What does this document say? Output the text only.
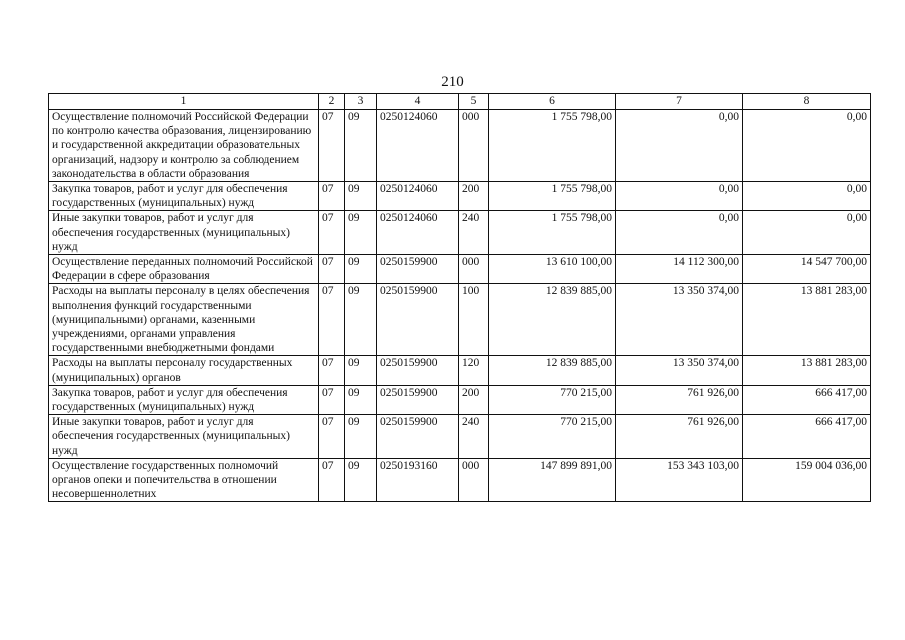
210
1	2	3	4	5	6	7	8
Осуществление полномочий Российской Федерации по контролю качества образования, лицензированию и государственной аккредитации образовательных организаций, надзору и контролю за соблюдением законодательства в области образования	07	09	0250124060	000	1 755 798,00	0,00	0,00
Закупка товаров, работ и услуг для обеспечения государственных (муниципальных) нужд	07	09	0250124060	200	1 755 798,00	0,00	0,00
Иные закупки товаров, работ и услуг для обеспечения государственных (муниципальных) нужд	07	09	0250124060	240	1 755 798,00	0,00	0,00
Осуществление переданных полномочий Российской Федерации в сфере образования	07	09	0250159900	000	13 610 100,00	14 112 300,00	14 547 700,00
Расходы на выплаты персоналу в целях обеспечения выполнения функций государственными (муниципальными) органами, казенными учреждениями, органами управления государственными внебюджетными фондами	07	09	0250159900	100	12 839 885,00	13 350 374,00	13 881 283,00
Расходы на выплаты персоналу государственных (муниципальных) органов	07	09	0250159900	120	12 839 885,00	13 350 374,00	13 881 283,00
Закупка товаров, работ и услуг для обеспечения государственных (муниципальных) нужд	07	09	0250159900	200	770 215,00	761 926,00	666 417,00
Иные закупки товаров, работ и услуг для обеспечения государственных (муниципальных) нужд	07	09	0250159900	240	770 215,00	761 926,00	666 417,00
Осуществление государственных полномочий органов опеки и попечительства в отношении несовершеннолетних	07	09	0250193160	000	147 899 891,00	153 343 103,00	159 004 036,00
